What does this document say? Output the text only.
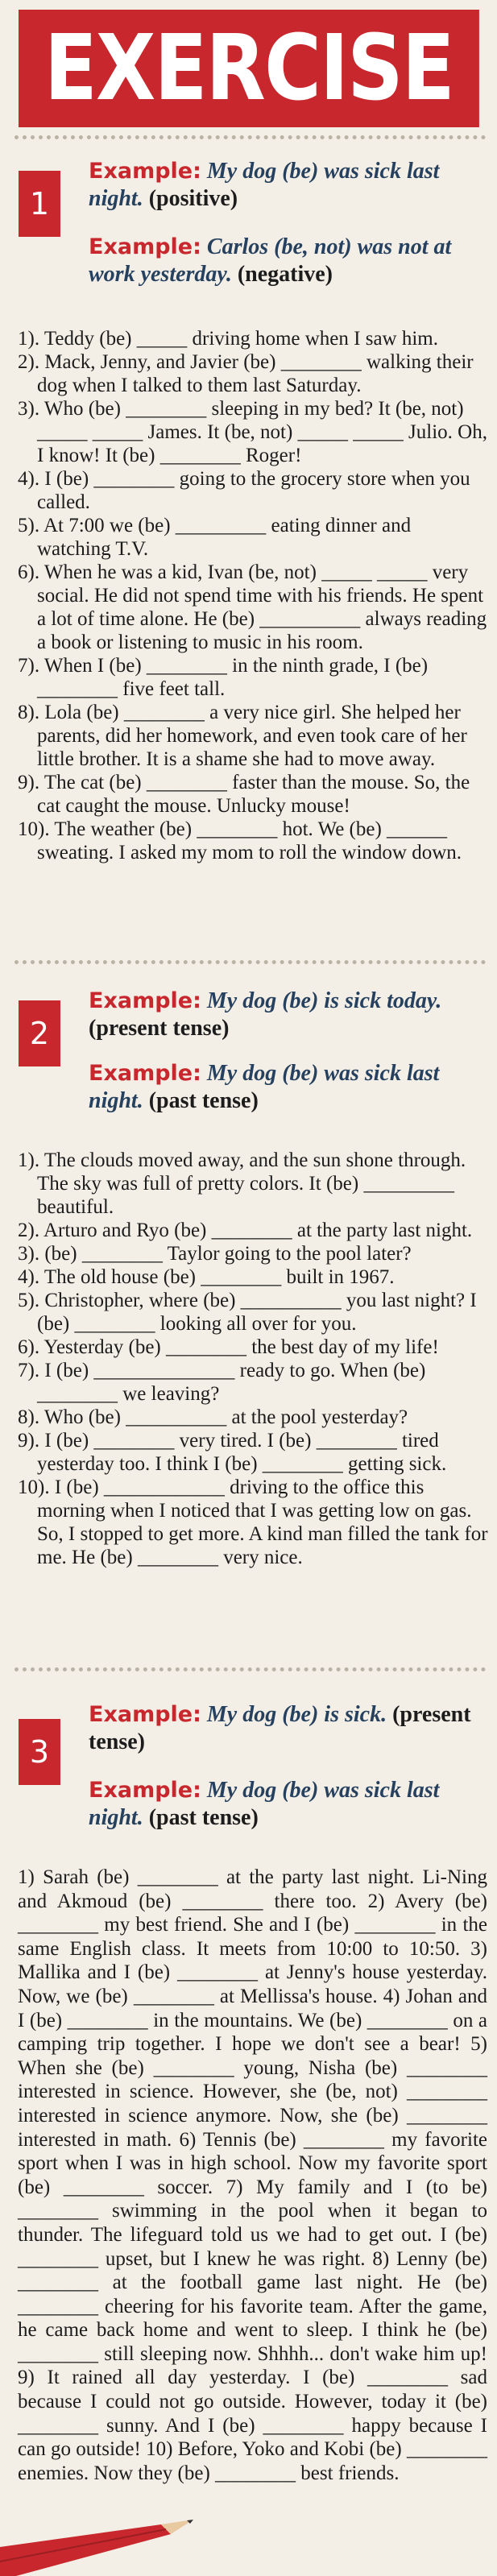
EXERCISE
1
Example: My dog (be) was sick last night. (positive)
Example: Carlos (be, not) was not at work yesterday. (negative)
1). Teddy (be) _____ driving home when I saw him.
2). Mack, Jenny, and Javier (be) ________ walking their dog when I talked to them last Saturday.
3). Who (be) ________ sleeping in my bed? It (be, not) _____ _____ James. It (be, not) _____ _____ Julio. Oh, I know! It (be) ________ Roger!
4). I (be) ________ going to the grocery store when you called.
5). At 7:00 we (be) _________ eating dinner and watching T.V.
6). When he was a kid, Ivan (be, not) _____ _____ very social. He did not spend time with his friends. He spent a lot of time alone. He (be) __________ always reading a book or listening to music in his room.
7). When I (be) ________ in the ninth grade, I (be) ________ five feet tall.
8). Lola (be) ________ a very nice girl. She helped her parents, did her homework, and even took care of her little brother. It is a shame she had to move away.
9). The cat (be) ________ faster than the mouse. So, the cat caught the mouse. Unlucky mouse!
10). The weather (be) ________ hot. We (be) ______ sweating. I asked my mom to roll the window down.
2
Example: My dog (be) is sick today. (present tense)
Example: My dog (be) was sick last night. (past tense)
1). The clouds moved away, and the sun shone through. The sky was full of pretty colors. It (be) _________ beautiful.
2). Arturo and Ryo (be) ________ at the party last night.
3). (be) ________ Taylor going to the pool later?
4). The old house (be) ________ built in 1967.
5). Christopher, where (be) __________ you last night? I (be) ________ looking all over for you.
6). Yesterday (be) ________ the best day of my life!
7). I (be) ______________ ready to go. When (be) ________ we leaving?
8). Who (be) __________ at the pool yesterday?
9). I (be) ________ very tired. I (be) ________ tired yesterday too. I think I (be) ________ getting sick.
10). I (be) ____________ driving to the office this morning when I noticed that I was getting low on gas. So, I stopped to get more. A kind man filled the tank for me. He (be) ________ very nice.
3
Example: My dog (be) is sick. (present tense)
Example: My dog (be) was sick last night. (past tense)
1) Sarah (be) ________ at the party last night. Li-Ning and Akmoud (be) ________ there too. 2) Avery (be) ________ my best friend. She and I (be) ________ in the same English class. It meets from 10:00 to 10:50. 3) Mallika and I (be) ________ at Jenny's house yesterday. Now, we (be) ________ at Mellissa's house. 4) Johan and I (be) ________ in the mountains. We (be) ________ on a camping trip together. I hope we don't see a bear! 5) When she (be) ________ young, Nisha (be) ________ interested in science. However, she (be, not) ________ interested in science anymore. Now, she (be) ________ interested in math. 6) Tennis (be) ________ my favorite sport when I was in high school. Now my favorite sport (be) ________ soccer. 7) My family and I (to be) ________ swimming in the pool when it began to thunder. The lifeguard told us we had to get out. I (be) ________ upset, but I knew he was right. 8) Lenny (be) ________ at the football game last night. He (be) ________ cheering for his favorite team. After the game, he came back home and went to sleep. I think he (be) ________ still sleeping now. Shhhh... don't wake him up! 9) It rained all day yesterday. I (be) ________ sad because I could not go outside. However, today it (be) ________ sunny. And I (be) ________ happy because I can go outside! 10) Before, Yoko and Kobi (be) ________ enemies. Now they (be) ________ best friends.
